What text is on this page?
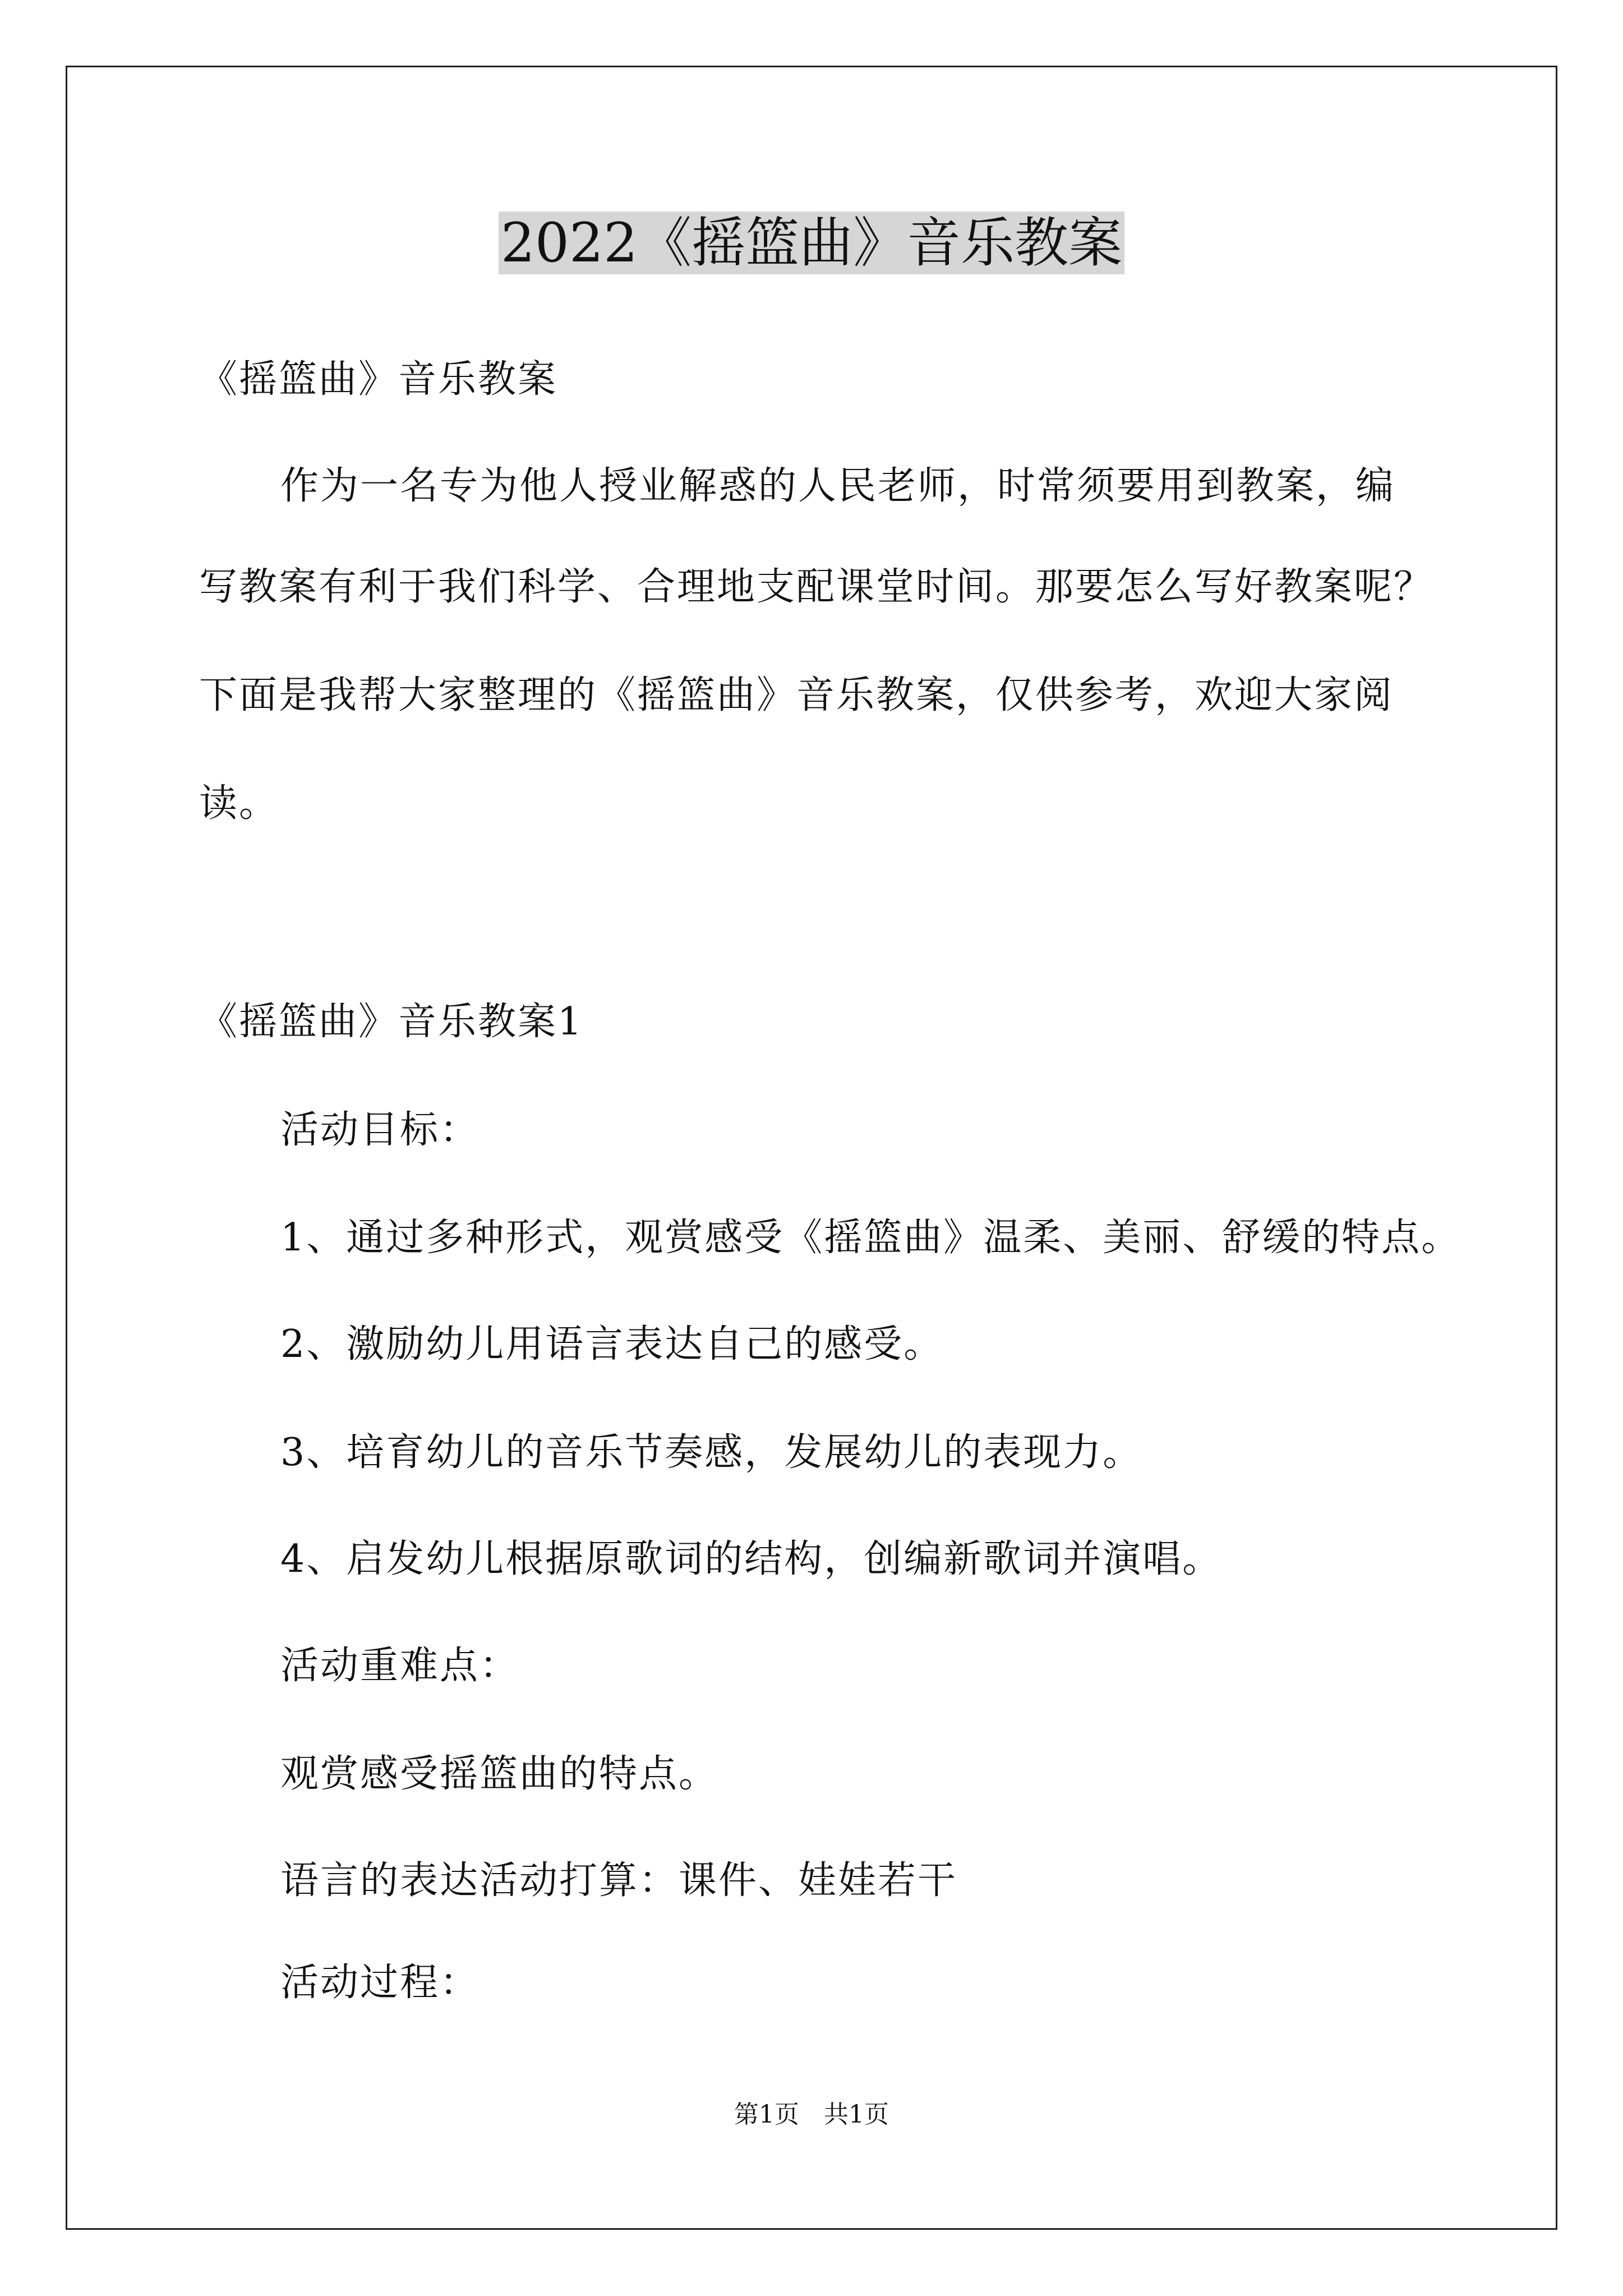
2022《摇篮曲》音乐教案
《摇篮曲》音乐教案
作为一名专为他人授业解惑的人民老师，时常须要用到教案，编
写教案有利于我们科学、合理地支配课堂时间。那要怎么写好教案呢？
下面是我帮大家整理的《摇篮曲》音乐教案，仅供参考，欢迎大家阅
读。
《摇篮曲》音乐教案1
活动目标：
1、通过多种形式，观赏感受《摇篮曲》温柔、美丽、舒缓的特点。
2、激励幼儿用语言表达自己的感受。
3、培育幼儿的音乐节奏感，发展幼儿的表现力。
4、启发幼儿根据原歌词的结构，创编新歌词并演唱。
活动重难点：
观赏感受摇篮曲的特点。
语言的表达活动打算：课件、娃娃若干
活动过程：
第1页　共1页
